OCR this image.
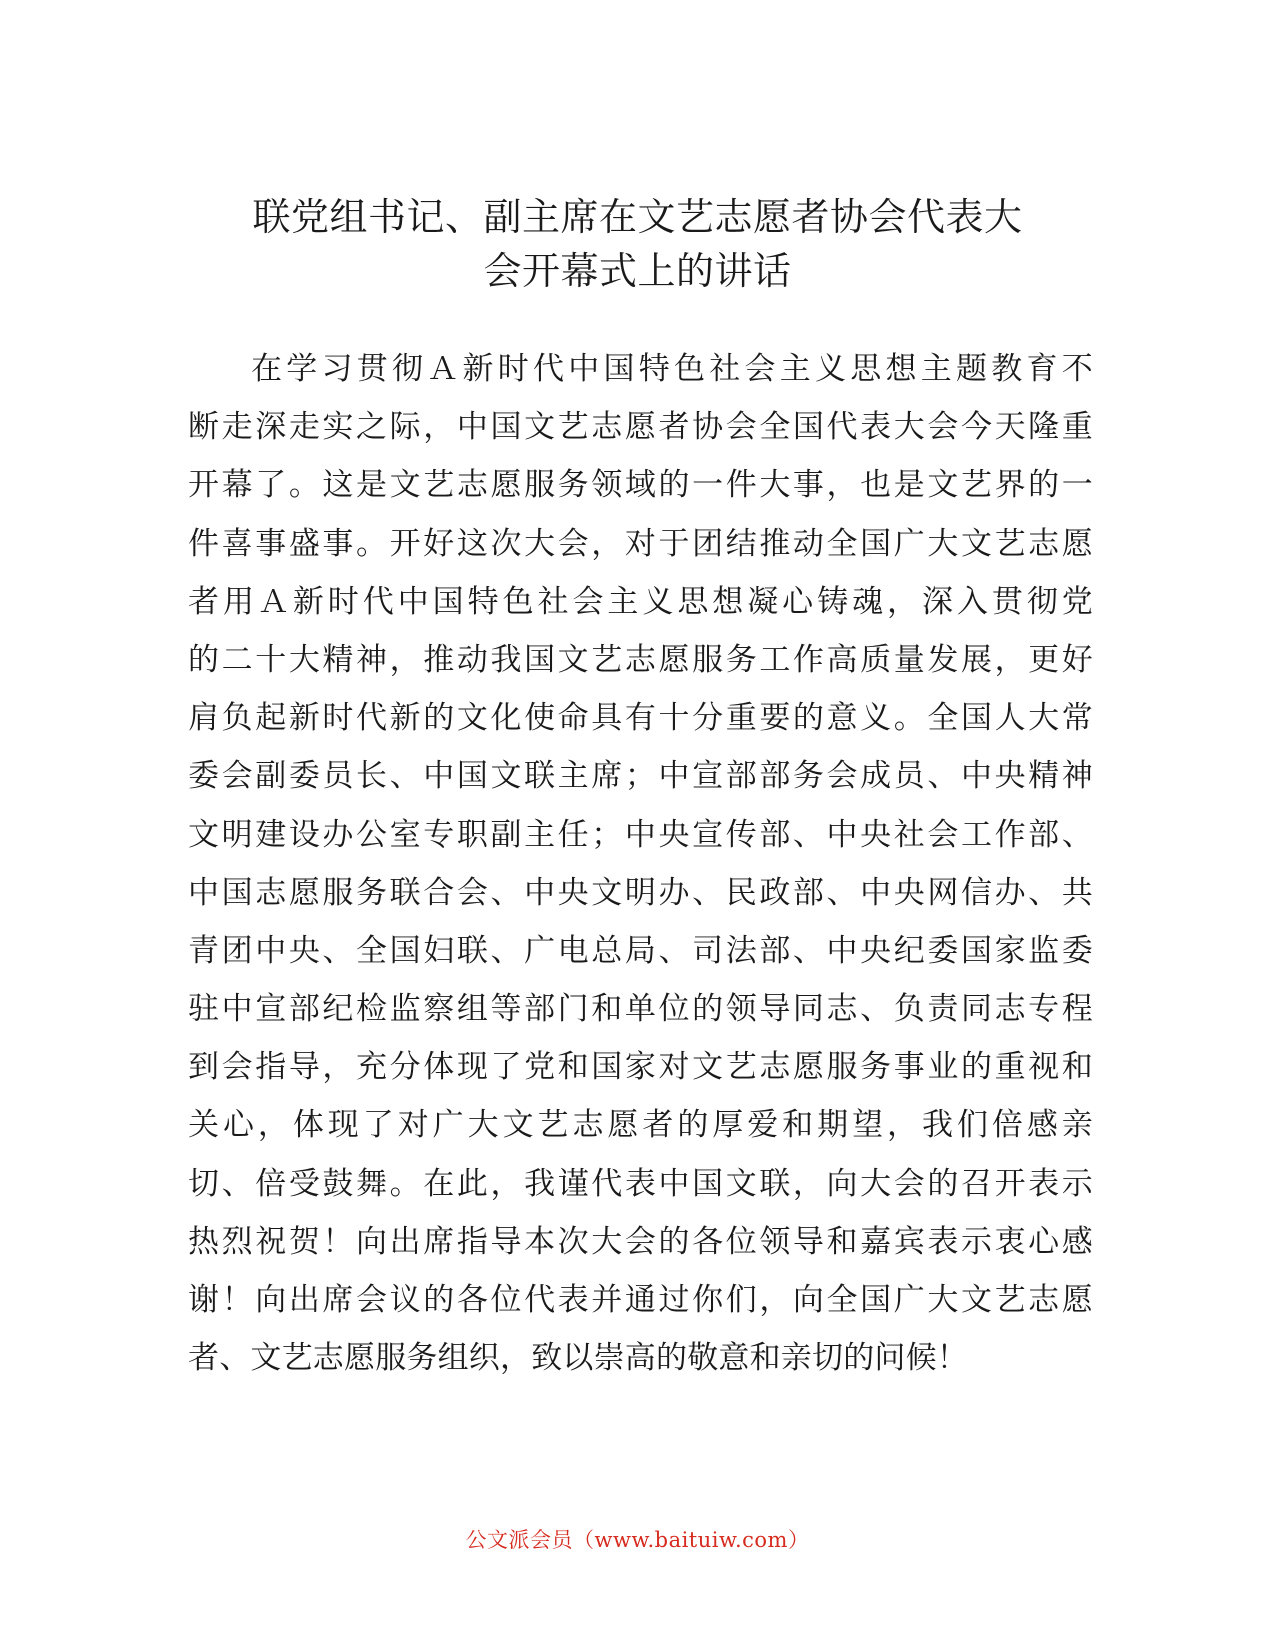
联党组书记、副主席在文艺志愿者协会代表大
会开幕式上的讲话
在学习贯彻Ａ新时代中国特色社会主义思想主题教育不
断走深走实之际，中国文艺志愿者协会全国代表大会今天隆重
开幕了。这是文艺志愿服务领域的一件大事，也是文艺界的一
件喜事盛事。开好这次大会，对于团结推动全国广大文艺志愿
者用Ａ新时代中国特色社会主义思想凝心铸魂，深入贯彻党
的二十大精神，推动我国文艺志愿服务工作高质量发展，更好
肩负起新时代新的文化使命具有十分重要的意义。全国人大常
委会副委员长、中国文联主席；中宣部部务会成员、中央精神
文明建设办公室专职副主任；中央宣传部、中央社会工作部、
中国志愿服务联合会、中央文明办、民政部、中央网信办、共
青团中央、全国妇联、广电总局、司法部、中央纪委国家监委
驻中宣部纪检监察组等部门和单位的领导同志、负责同志专程
到会指导，充分体现了党和国家对文艺志愿服务事业的重视和
关心，体现了对广大文艺志愿者的厚爱和期望，我们倍感亲
切、倍受鼓舞。在此，我谨代表中国文联，向大会的召开表示
热烈祝贺！向出席指导本次大会的各位领导和嘉宾表示衷心感
谢！向出席会议的各位代表并通过你们，向全国广大文艺志愿
者、文艺志愿服务组织，致以崇高的敬意和亲切的问候！
公文派会员（www.baituiw.com）
